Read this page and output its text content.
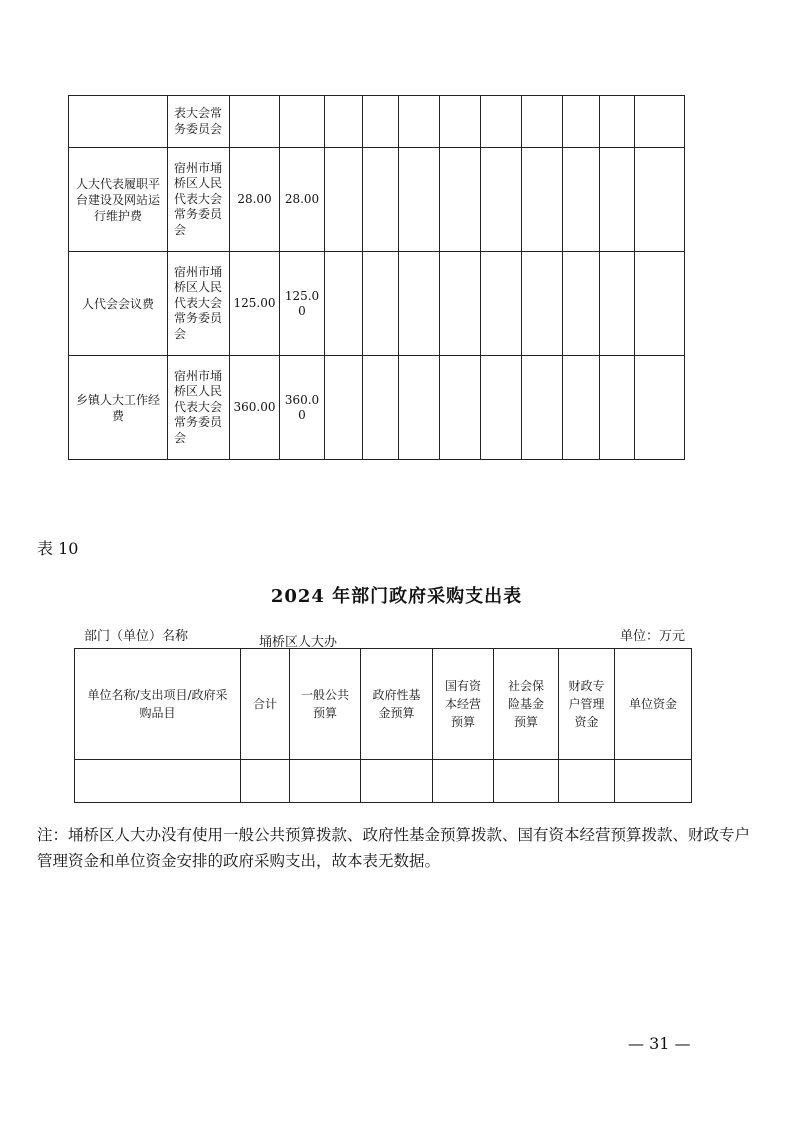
	表大会常务委员会											
人大代表履职平台建设及网站运行维护费	宿州市埇桥区人民代表大会常务委员会	28.00	28.00									
人代会会议费	宿州市埇桥区人民代表大会常务委员会	125.00	125.00									
乡镇人大工作经费	宿州市埇桥区人民代表大会常务委员会	360.00	360.00									
表 10
2024 年部门政府采购支出表
部门（单位）名称	埇桥区人大办	单位：万元
单位名称/支出项目/政府采购品目	合计	一般公共预算	政府性基金预算	国有资本经营预算	社会保险基金预算	财政专户管理资金	单位资金

注：埇桥区人大办没有使用一般公共预算拨款、政府性基金预算拨款、国有资本经营预算拨款、财政专户管理资金和单位资金安排的政府采购支出，故本表无数据。
— 31 —
